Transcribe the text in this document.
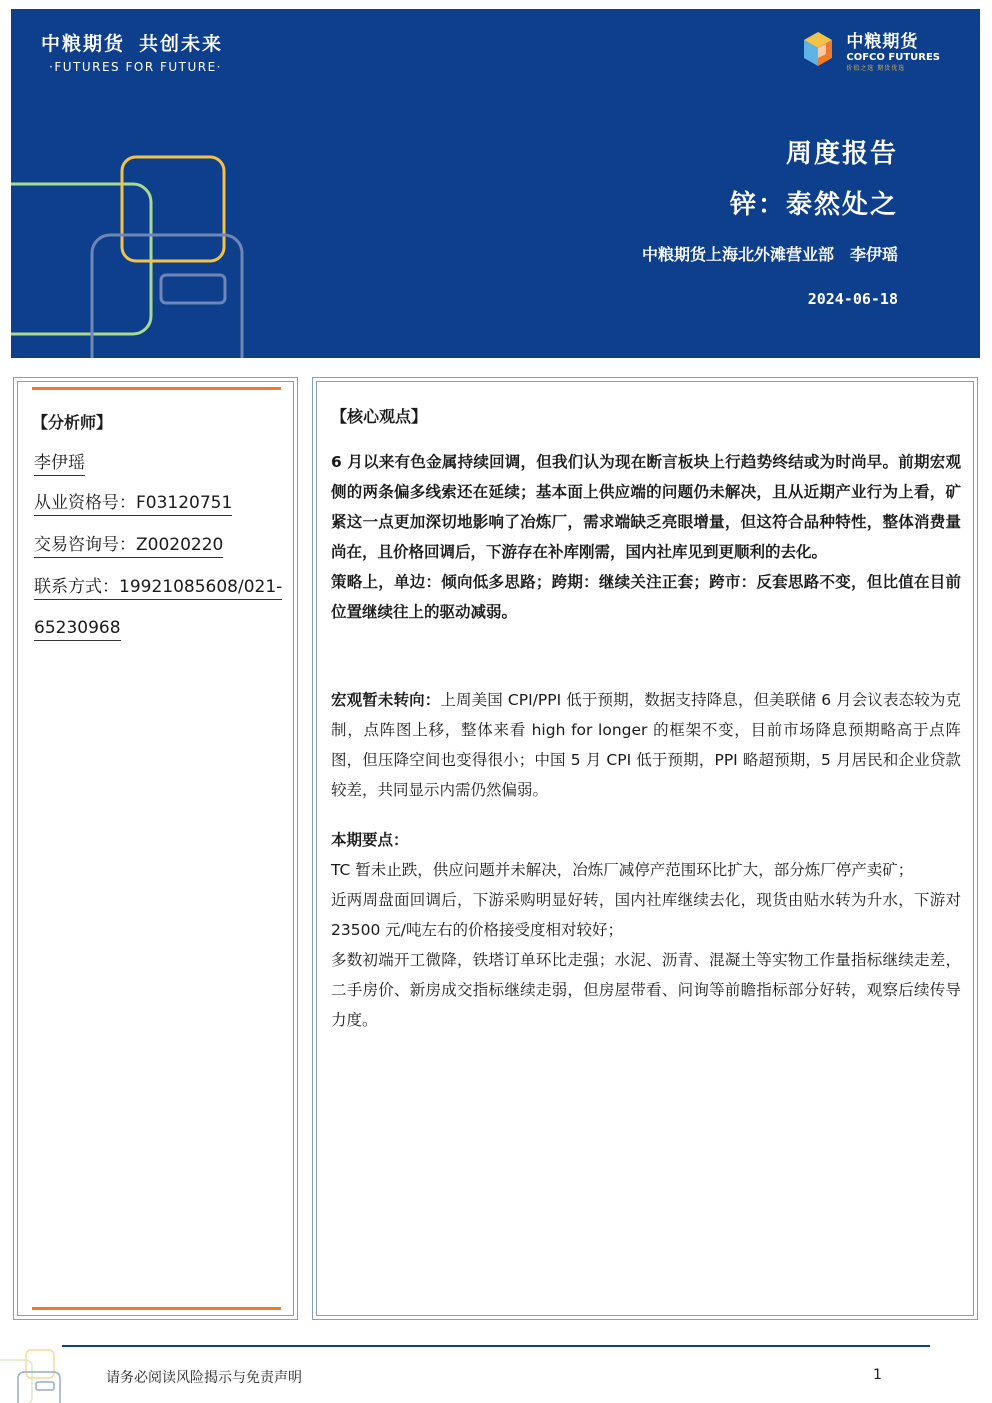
中粮期货 共创未来
·FUTURES FOR FUTURE·
中粮期货
COFCO FUTURES
价值之选 期货优选
周度报告
锌：泰然处之
中粮期货上海北外滩营业部 李伊瑶
2024-06-18
【分析师】
李伊瑶
从业资格号：F03120751
交易咨询号：Z0020220
联系方式：19921085608/021-
65230968
【核心观点】

6 月以来有色金属持续回调，但我们认为现在断言板块上行趋势终结或为时尚早。前期宏观侧的两条偏多线索还在延续；基本面上供应端的问题仍未解决，且从近期产业行为上看，矿紧这一点更加深切地影响了冶炼厂，需求端缺乏亮眼增量，但这符合品种特性，整体消费量尚在，且价格回调后，下游存在补库刚需，国内社库见到更顺利的去化。

策略上，单边：倾向低多思路；跨期：继续关注正套；跨市：反套思路不变，但比值在目前位置继续往上的驱动减弱。

宏观暂未转向：上周美国 CPI/PPI 低于预期，数据支持降息，但美联储 6 月会议表态较为克制，点阵图上移，整体来看 high for longer 的框架不变，目前市场降息预期略高于点阵图，但压降空间也变得很小；中国 5 月 CPI 低于预期，PPI 略超预期，5 月居民和企业贷款较差，共同显示内需仍然偏弱。

本期要点：

TC 暂未止跌，供应问题并未解决，冶炼厂减停产范围环比扩大，部分炼厂停产卖矿；

近两周盘面回调后，下游采购明显好转，国内社库继续去化，现货由贴水转为升水，下游对 23500 元/吨左右的价格接受度相对较好；

多数初端开工微降，铁塔订单环比走强；水泥、沥青、混凝土等实物工作量指标继续走差，二手房价、新房成交指标继续走弱，但房屋带看、问询等前瞻指标部分好转，观察后续传导力度。

请务必阅读风险揭示与免责声明	1
